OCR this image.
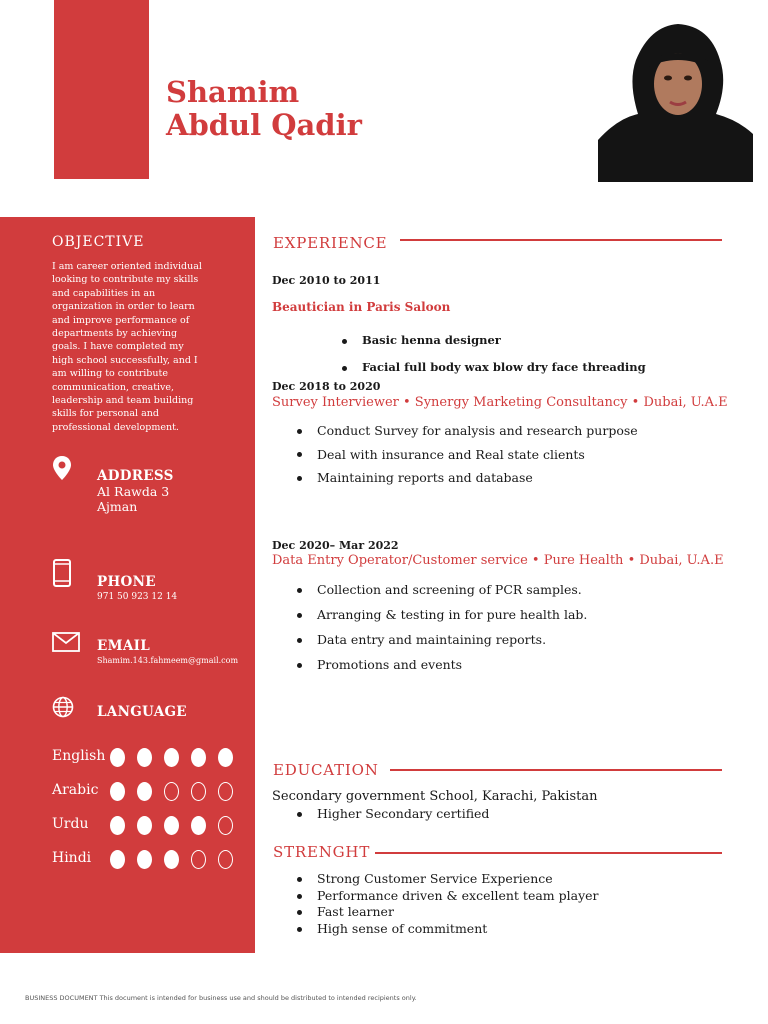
Shamim
Abdul Qadir
OBJECTIVE
I am career oriented individual looking to contribute my skills and capabilities in an organization in order to learn and improve performance of departments by achieving goals. I have completed my high school successfully, and I am willing to contribute communication, creative, leadership and team building skills for personal and professional development.
ADDRESS
Al Rawda 3
Ajman
PHONE
971 50 923 12 14
EMAIL
Shamim.143.fahmeem@gmail.com
LANGUAGE
English
Arabic
Urdu
Hindi
EXPERIENCE
Dec 2010 to 2011
Beautician in Paris Saloon
Basic henna designer
Facial full body wax blow dry face threading
Dec 2018 to 2020
Survey Interviewer • Synergy Marketing Consultancy • Dubai, U.A.E
Conduct Survey for analysis and research purpose
Deal with insurance and Real state clients
Maintaining reports and database
Dec 2020– Mar 2022
Data Entry Operator/Customer service • Pure Health • Dubai, U.A.E
Collection and screening of PCR samples.
Arranging & testing in for pure health lab.
Data entry and maintaining reports.
Promotions and events
EDUCATION
Secondary government School, Karachi, Pakistan
Higher Secondary certified
STRENGHT
Strong Customer Service Experience
Performance driven & excellent team player
Fast learner
High sense of commitment
BUSINESS DOCUMENT This document is intended for business use and should be distributed to intended recipients only.
